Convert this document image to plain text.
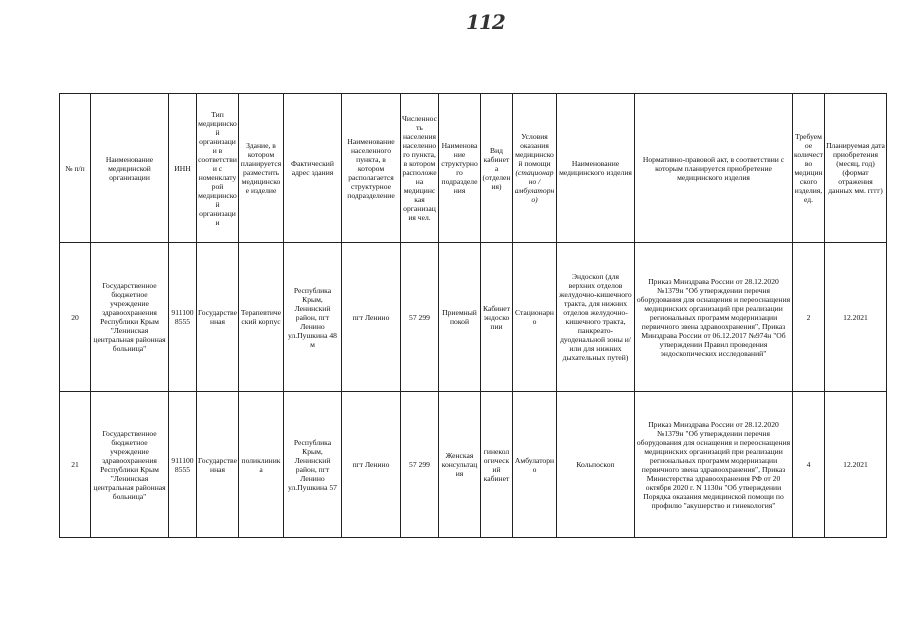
112
№ п/п	Наименование медицинской организации	ИНН	Тип медицинской организации в соответствии с номенклатурой медицинской организации	Здание, в котором планируется разместить медицинское изделие	Фактический адрес здания	Наименование населенного пункта, в котором располагается структурное подразделение	Численность населения населенного пункта, в котором расположена медицинская организация чел.	Наименование структурного подразделения	Вид кабинета (отделения)	Условия оказания медицинской помощи (стационарно / амбулаторно)	Наименование медицинского изделия	Нормативно-правовой акт, в соответствии с которым планируется приобретение медицинского изделия	Требуемое количество медицинского изделия, ед.	Планируемая дата приобретения (месяц, год) (формат отражения данных мм. гггг)
20	Государственное бюджетное учреждение здравоохранения Республики Крым "Ленинская центральная районная больница"	9111008555	Государственная	Терапевтический корпус	Республика Крым, Ленинский район, пгт Ленино ул.Пушкина 48 м	пгт Ленино	57 299	Приемный покой	Кабинет эндоскопии	Стационарно	Эндоскоп (для верхних отделов желудочно-кишечного тракта, для нижних отделов желудочно-кишечного тракта, панкреато-дуоденальной зоны и/или для нижних дыхательных путей)	Приказ Минздрава России от 28.12.2020 №1379н "Об утверждении перечня оборудования для оснащения и переоснащения медицинских организаций при реализации региональных программ модернизации первичного звена здравоохранения", Приказ Минздрава России от 06.12.2017 №974н "Об утверждении Правил проведения эндоскопических исследований"	2	12.2021
21	Государственное бюджетное учреждение здравоохранения Республики Крым "Ленинская центральная районная больница"	9111008555	Государственная	поликлиника	Республика Крым, Ленинский район, пгт Ленино ул.Пушкина 57	пгт Ленино	57 299	Женская консультация	гинекологический кабинет	Амбулаторно	Кольпоскоп	Приказ Минздрава России от 28.12.2020 №1379н "Об утверждении перечня оборудования для оснащения и переоснащения медицинских организаций при реализации региональных программ модернизации первичного звена здравоохранения", Приказ Министерства здравоохранения РФ от 20 октября 2020 г. N 1130н "Об утверждении Порядка оказания медицинской помощи по профилю "акушерство и гинекология"	4	12.2021
